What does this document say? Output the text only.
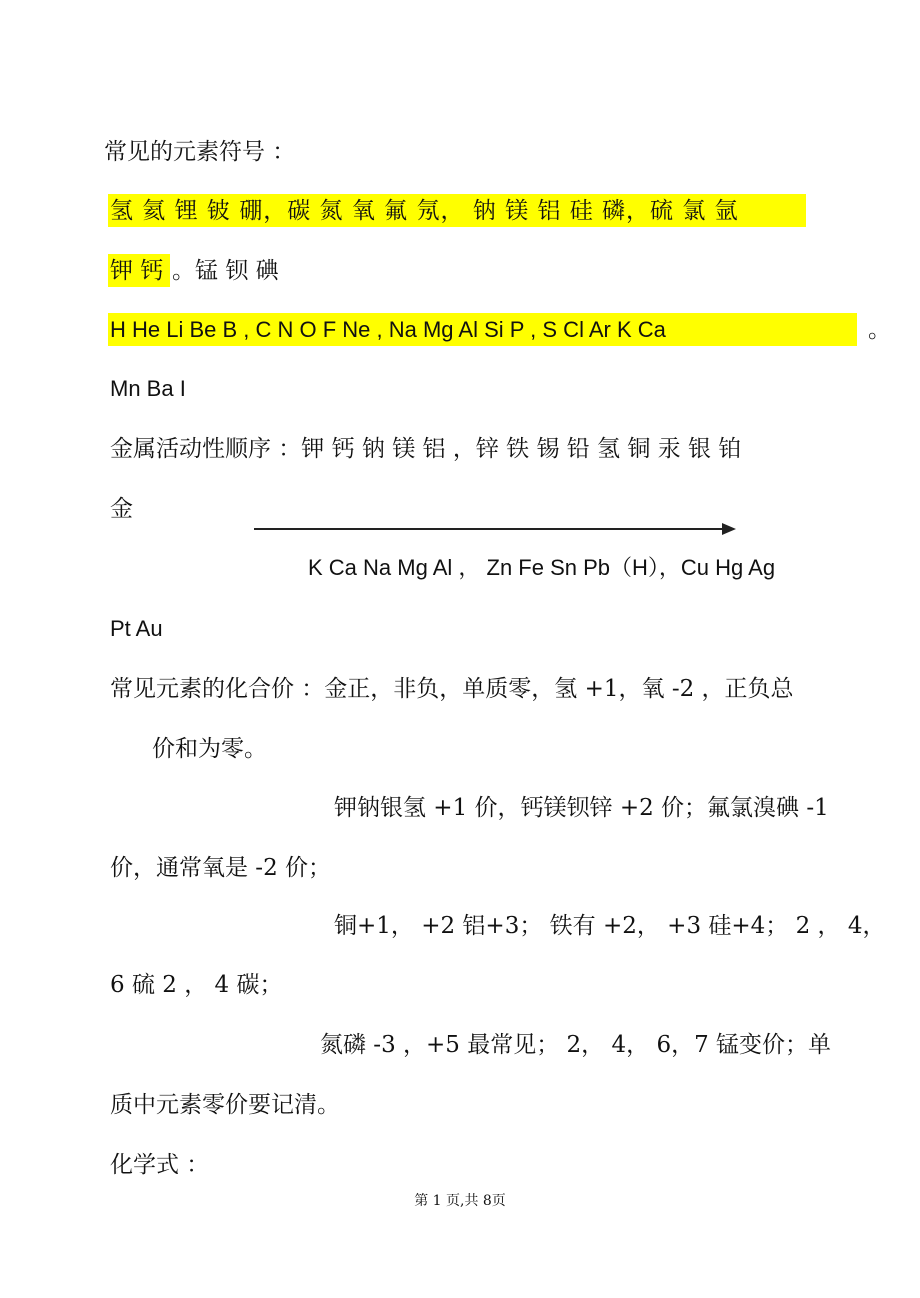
常见的元素符号 ：
氢 氦 锂 铍 硼，碳 氮 氧 氟 氖， 钠 镁 铝 硅 磷，硫 氯 氩
钾 钙 。锰 钡 碘
H He Li Be B , C N O F Ne , Na Mg Al Si P , S Cl Ar K Ca	。
Mn Ba I
金属活动性顺序 ：钾 钙 钠 镁 铝 ，锌 铁 锡 铅 氢 铜 汞 银 铂
金
K Ca Na Mg Al ， Zn Fe Sn Pb（H），Cu Hg Ag
Pt Au
常见元素的化合价 ：金正，非负，单质零，氢 +1，氧 -2 ，正负总
价和为零。
钾钠银氢 +1 价，钙镁钡锌 +2 价；氟氯溴碘 -1
价，通常氧是 -2 价；
铜+1， +2 铝+3； 铁有 +2， +3 硅+4； 2 ， 4，
6 硫 2 ， 4 碳；
氮磷 -3 ，+5 最常见； 2， 4， 6，7 锰变价；单
质中元素零价要记清。
化学式 ：
第 1 页,共 8页
